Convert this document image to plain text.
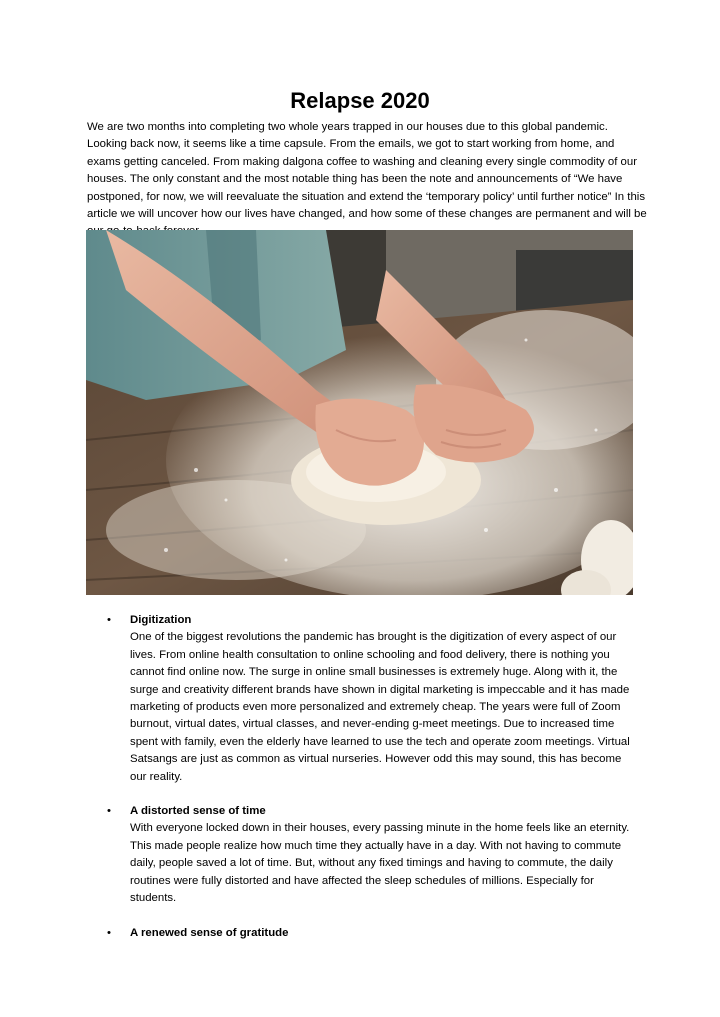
Relapse 2020

We are two months into completing two whole years trapped in our houses due to this global pandemic. Looking back now, it seems like a time capsule. From the emails, we got to start working from home, and exams getting canceled. From making dalgona coffee to washing and cleaning every single commodity of our houses. The only constant and the most notable thing has been the note and announcements of “We have postponed, for now, we will reevaluate the situation and extend the ‘temporary policy’ until further notice” In this article we will uncover how our lives have changed, and how some of these changes are permanent and will be

• Digitization

One of the biggest revolutions the pandemic has brought is the digitization of every aspect of our lives. From online health consultation to online schooling and food delivery, there is nothing you cannot find online now. The surge in online small businesses is extremely huge. Along with it, the surge and creativity different brands have shown in digital marketing is impeccable and it has made marketing of products even more personalized and extremely cheap. The years were full of Zoom burnout, virtual dates, virtual classes, and never-ending g-meet meetings. Due to increased time spent with family, even the elderly have learned to use the tech and operate zoom meetings. Virtual Satsangs are just as common as virtual nurseries. However odd this may sound, this has become our reality.

• A distorted sense of time

With everyone locked down in their houses, every passing minute in the home feels like an eternity. This made people realize how much time they actually have in a day. With not having to commute daily, people saved a lot of time. But, without any fixed timings and having to commute, the daily routines were fully distorted and have affected the sleep schedules of millions. Especially for students.

• A renewed sense of gratitude
